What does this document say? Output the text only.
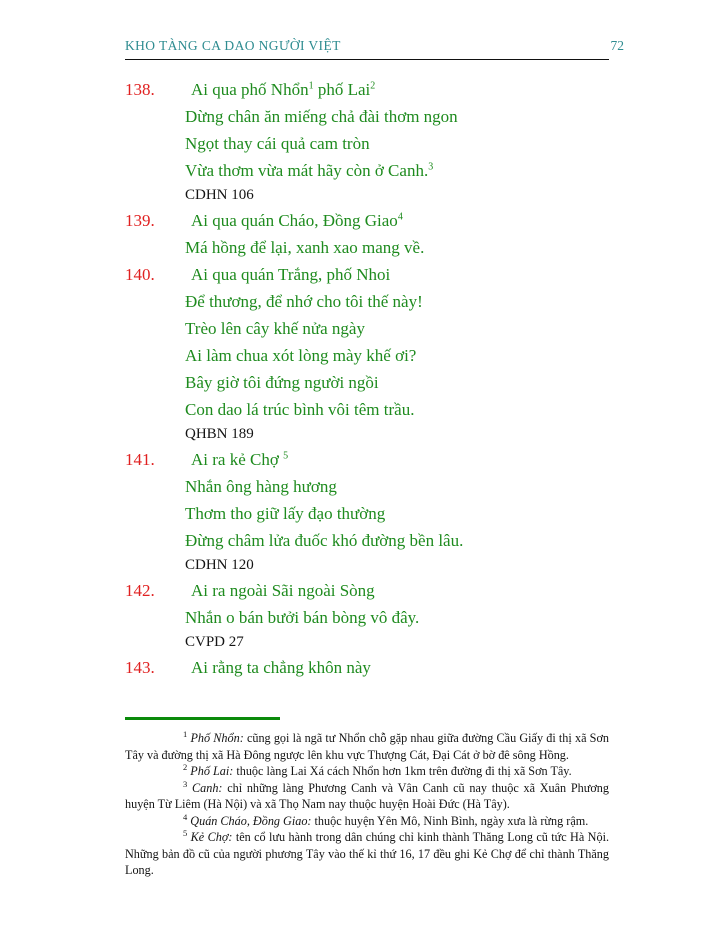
KHO TÀNG CA DAO NGƯỜI VIỆT	72
138. Ai qua phố Nhổn$^1$ phố Lai$^2$
Dừng chân ăn miếng chả đài thơm ngon
Ngọt thay cái quả cam tròn
Vừa thơm vừa mát hãy còn ở Canh.$^3$
CDHN 106
139. Ai qua quán Cháo, Đồng Giao$^4$
Má hồng để lại, xanh xao mang về.
140. Ai qua quán Trắng, phố Nhoi
Để thương, để nhớ cho tôi thế này!
Trèo lên cây khế nửa ngày
Ai làm chua xót lòng mày khế ơi?
Bây giờ tôi đứng người ngồi
Con dao lá trúc bình vôi têm trầu.
QHBN 189
141. Ai ra kẻ Chợ $^5$
Nhắn ông hàng hương
Thơm tho giữ lấy đạo thường
Đừng châm lửa đuốc khó đường bền lâu.
CDHN 120
142. Ai ra ngoài Sãi ngoài Sòng
Nhắn o bán bưởi bán bòng vô đây.
CVPD 27
143. Ai rằng ta chẳng khôn này

$^1$ Phố Nhổn: cũng gọi là ngã tư Nhổn chỗ gặp nhau giữa đường Cầu Giấy đi thị xã Sơn Tây và đường thị xã Hà Đông ngược lên khu vực Thượng Cát, Đại Cát ở bờ đê sông Hồng.

$^2$ Phố Lai: thuộc làng Lai Xá cách Nhổn hơn 1km trên đường đi thị xã Sơn Tây.

$^3$ Canh: chỉ những làng Phương Canh và Vân Canh cũ nay thuộc xã Xuân Phương huyện Từ Liêm (Hà Nội) và xã Thọ Nam nay thuộc huyện Hoài Đức (Hà Tây).

$^4$ Quán Cháo, Đồng Giao: thuộc huyện Yên Mô, Ninh Bình, ngày xưa là rừng rậm.

$^5$ Kẻ Chợ: tên cổ lưu hành trong dân chúng chỉ kinh thành Thăng Long cũ tức Hà Nội. Những bản đồ cũ của người phương Tây vào thế kỉ thứ 16, 17 đều ghi Kẻ Chợ để chỉ thành Thăng Long.
